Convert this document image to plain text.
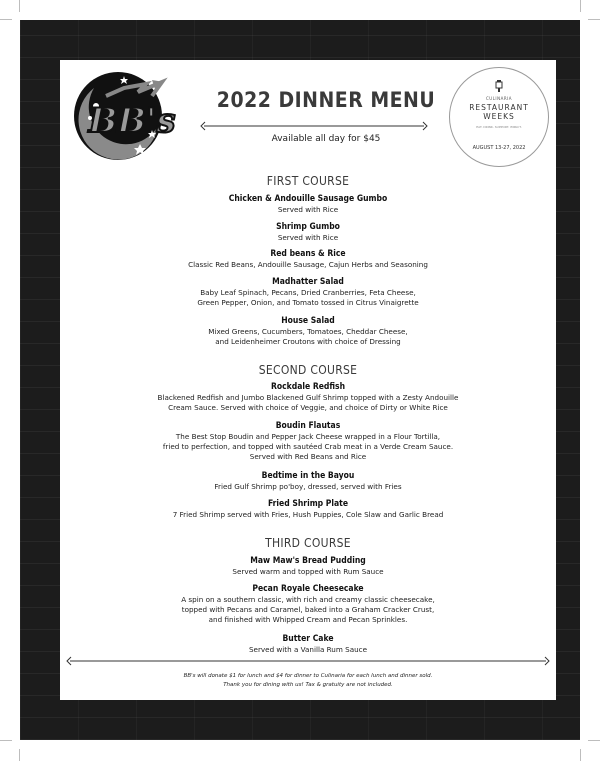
BB's
2022 DINNER MENU
Available all day for $45
CULINARIA
RESTAURANT
WEEKS
EAT. DRINK. SUPPORT. IMPACT.
AUGUST 13-27, 2022
FIRST COURSE
Chicken & Andouille Sausage Gumbo
Served with Rice
Shrimp Gumbo
Served with Rice
Red beans & Rice
Classic Red Beans, Andouille Sausage, Cajun Herbs and Seasoning
Madhatter Salad
Baby Leaf Spinach, Pecans, Dried Cranberries, Feta Cheese,
Green Pepper, Onion, and Tomato tossed in Citrus Vinaigrette
House Salad
Mixed Greens, Cucumbers, Tomatoes, Cheddar Cheese,
and Leidenheimer Croutons with choice of Dressing
SECOND COURSE
Rockdale Redfish
Blackened Redfish and Jumbo Blackened Gulf Shrimp topped with a Zesty Andouille
Cream Sauce. Served with choice of Veggie, and choice of Dirty or White Rice
Boudin Flautas
The Best Stop Boudin and Pepper Jack Cheese wrapped in a Flour Tortilla,
fried to perfection, and topped with sautéed Crab meat in a Verde Cream Sauce.
Served with Red Beans and Rice
Bedtime in the Bayou
Fried Gulf Shrimp po'boy, dressed, served with Fries
Fried Shrimp Plate
7 Fried Shrimp served with Fries, Hush Puppies, Cole Slaw and Garlic Bread
THIRD COURSE
Maw Maw's Bread Pudding
Served warm and topped with Rum Sauce
Pecan Royale Cheesecake
A spin on a southern classic, with rich and creamy classic cheesecake,
topped with Pecans and Caramel, baked into a Graham Cracker Crust,
and finished with Whipped Cream and Pecan Sprinkles.
Butter Cake
Served with a Vanilla Rum Sauce
BB's will donate $1 for lunch and $4 for dinner to Culinaria for each lunch and dinner sold.
Thank you for dining with us! Tax & gratuity are not included.
